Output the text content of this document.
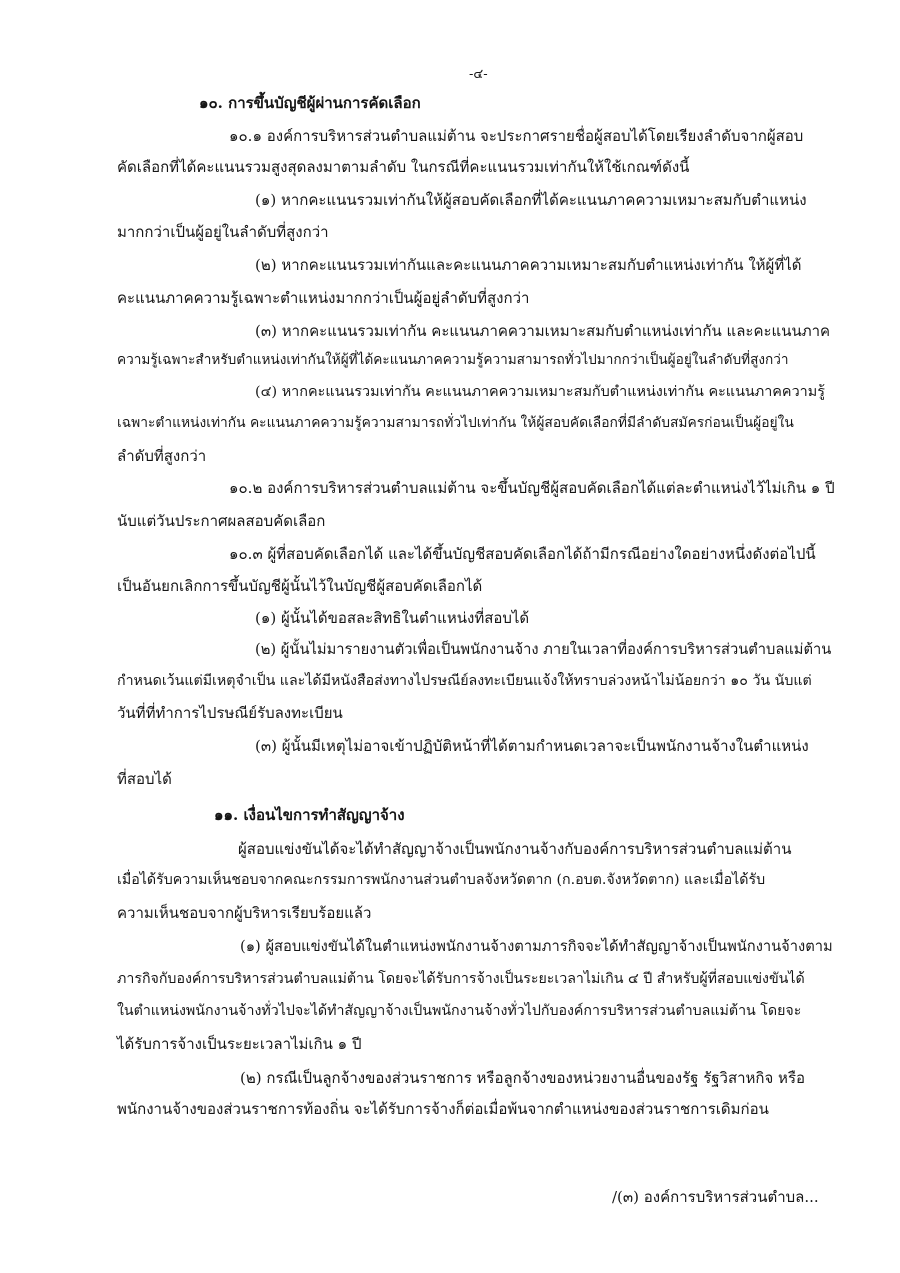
-๔-
๑๐. การขึ้นบัญชีผู้ผ่านการคัดเลือก
๑๐.๑ องค์การบริหารส่วนตำบลแม่ต้าน จะประกาศรายชื่อผู้สอบได้โดยเรียงลำดับจากผู้สอบ
คัดเลือกที่ได้คะแนนรวมสูงสุดลงมาตามลำดับ ในกรณีที่คะแนนรวมเท่ากันให้ใช้เกณฑ์ดังนี้
(๑) หากคะแนนรวมเท่ากันให้ผู้สอบคัดเลือกที่ได้คะแนนภาคความเหมาะสมกับตำแหน่ง
มากกว่าเป็นผู้อยู่ในลำดับที่สูงกว่า
(๒) หากคะแนนรวมเท่ากันและคะแนนภาคความเหมาะสมกับตำแหน่งเท่ากัน ให้ผู้ที่ได้
คะแนนภาคความรู้เฉพาะตำแหน่งมากกว่าเป็นผู้อยู่ลำดับที่สูงกว่า
(๓) หากคะแนนรวมเท่ากัน คะแนนภาคความเหมาะสมกับตำแหน่งเท่ากัน และคะแนนภาค
ความรู้เฉพาะสำหรับตำแหน่งเท่ากันให้ผู้ที่ได้คะแนนภาคความรู้ความสามารถทั่วไปมากกว่าเป็นผู้อยู่ในลำดับที่สูงกว่า
(๔) หากคะแนนรวมเท่ากัน คะแนนภาคความเหมาะสมกับตำแหน่งเท่ากัน คะแนนภาคความรู้
เฉพาะตำแหน่งเท่ากัน คะแนนภาคความรู้ความสามารถทั่วไปเท่ากัน ให้ผู้สอบคัดเลือกที่มีลำดับสมัครก่อนเป็นผู้อยู่ใน
ลำดับที่สูงกว่า
๑๐.๒ องค์การบริหารส่วนตำบลแม่ต้าน จะขึ้นบัญชีผู้สอบคัดเลือกได้แต่ละตำแหน่งไว้ไม่เกิน ๑ ปี
นับแต่วันประกาศผลสอบคัดเลือก
๑๐.๓ ผู้ที่สอบคัดเลือกได้ และได้ขึ้นบัญชีสอบคัดเลือกได้ถ้ามีกรณีอย่างใดอย่างหนึ่งดังต่อไปนี้
เป็นอันยกเลิกการขึ้นบัญชีผู้นั้นไว้ในบัญชีผู้สอบคัดเลือกได้
(๑) ผู้นั้นได้ขอสละสิทธิในตำแหน่งที่สอบได้
(๒) ผู้นั้นไม่มารายงานตัวเพื่อเป็นพนักงานจ้าง ภายในเวลาที่องค์การบริหารส่วนตำบลแม่ต้าน
กำหนดเว้นแต่มีเหตุจำเป็น และได้มีหนังสือส่งทางไปรษณีย์ลงทะเบียนแจ้งให้ทราบล่วงหน้าไม่น้อยกว่า ๑๐ วัน นับแต่
วันที่ที่ทำการไปรษณีย์รับลงทะเบียน
(๓) ผู้นั้นมีเหตุไม่อาจเข้าปฏิบัติหน้าที่ได้ตามกำหนดเวลาจะเป็นพนักงานจ้างในตำแหน่ง
ที่สอบได้
๑๑. เงื่อนไขการทำสัญญาจ้าง
ผู้สอบแข่งขันได้จะได้ทำสัญญาจ้างเป็นพนักงานจ้างกับองค์การบริหารส่วนตำบลแม่ต้าน
เมื่อได้รับความเห็นชอบจากคณะกรรมการพนักงานส่วนตำบลจังหวัดตาก (ก.อบต.จังหวัดตาก) และเมื่อได้รับ
ความเห็นชอบจากผู้บริหารเรียบร้อยแล้ว
(๑) ผู้สอบแข่งขันได้ในตำแหน่งพนักงานจ้างตามภารกิจจะได้ทำสัญญาจ้างเป็นพนักงานจ้างตาม
ภารกิจกับองค์การบริหารส่วนตำบลแม่ต้าน โดยจะได้รับการจ้างเป็นระยะเวลาไม่เกิน ๔ ปี สำหรับผู้ที่สอบแข่งขันได้
ในตำแหน่งพนักงานจ้างทั่วไปจะได้ทำสัญญาจ้างเป็นพนักงานจ้างทั่วไปกับองค์การบริหารส่วนตำบลแม่ต้าน โดยจะ
ได้รับการจ้างเป็นระยะเวลาไม่เกิน ๑ ปี
(๒) กรณีเป็นลูกจ้างของส่วนราชการ หรือลูกจ้างของหน่วยงานอื่นของรัฐ รัฐวิสาหกิจ หรือ
พนักงานจ้างของส่วนราชการท้องถิ่น จะได้รับการจ้างก็ต่อเมื่อพ้นจากตำแหน่งของส่วนราชการเดิมก่อน
/(๓) องค์การบริหารส่วนตำบล...
